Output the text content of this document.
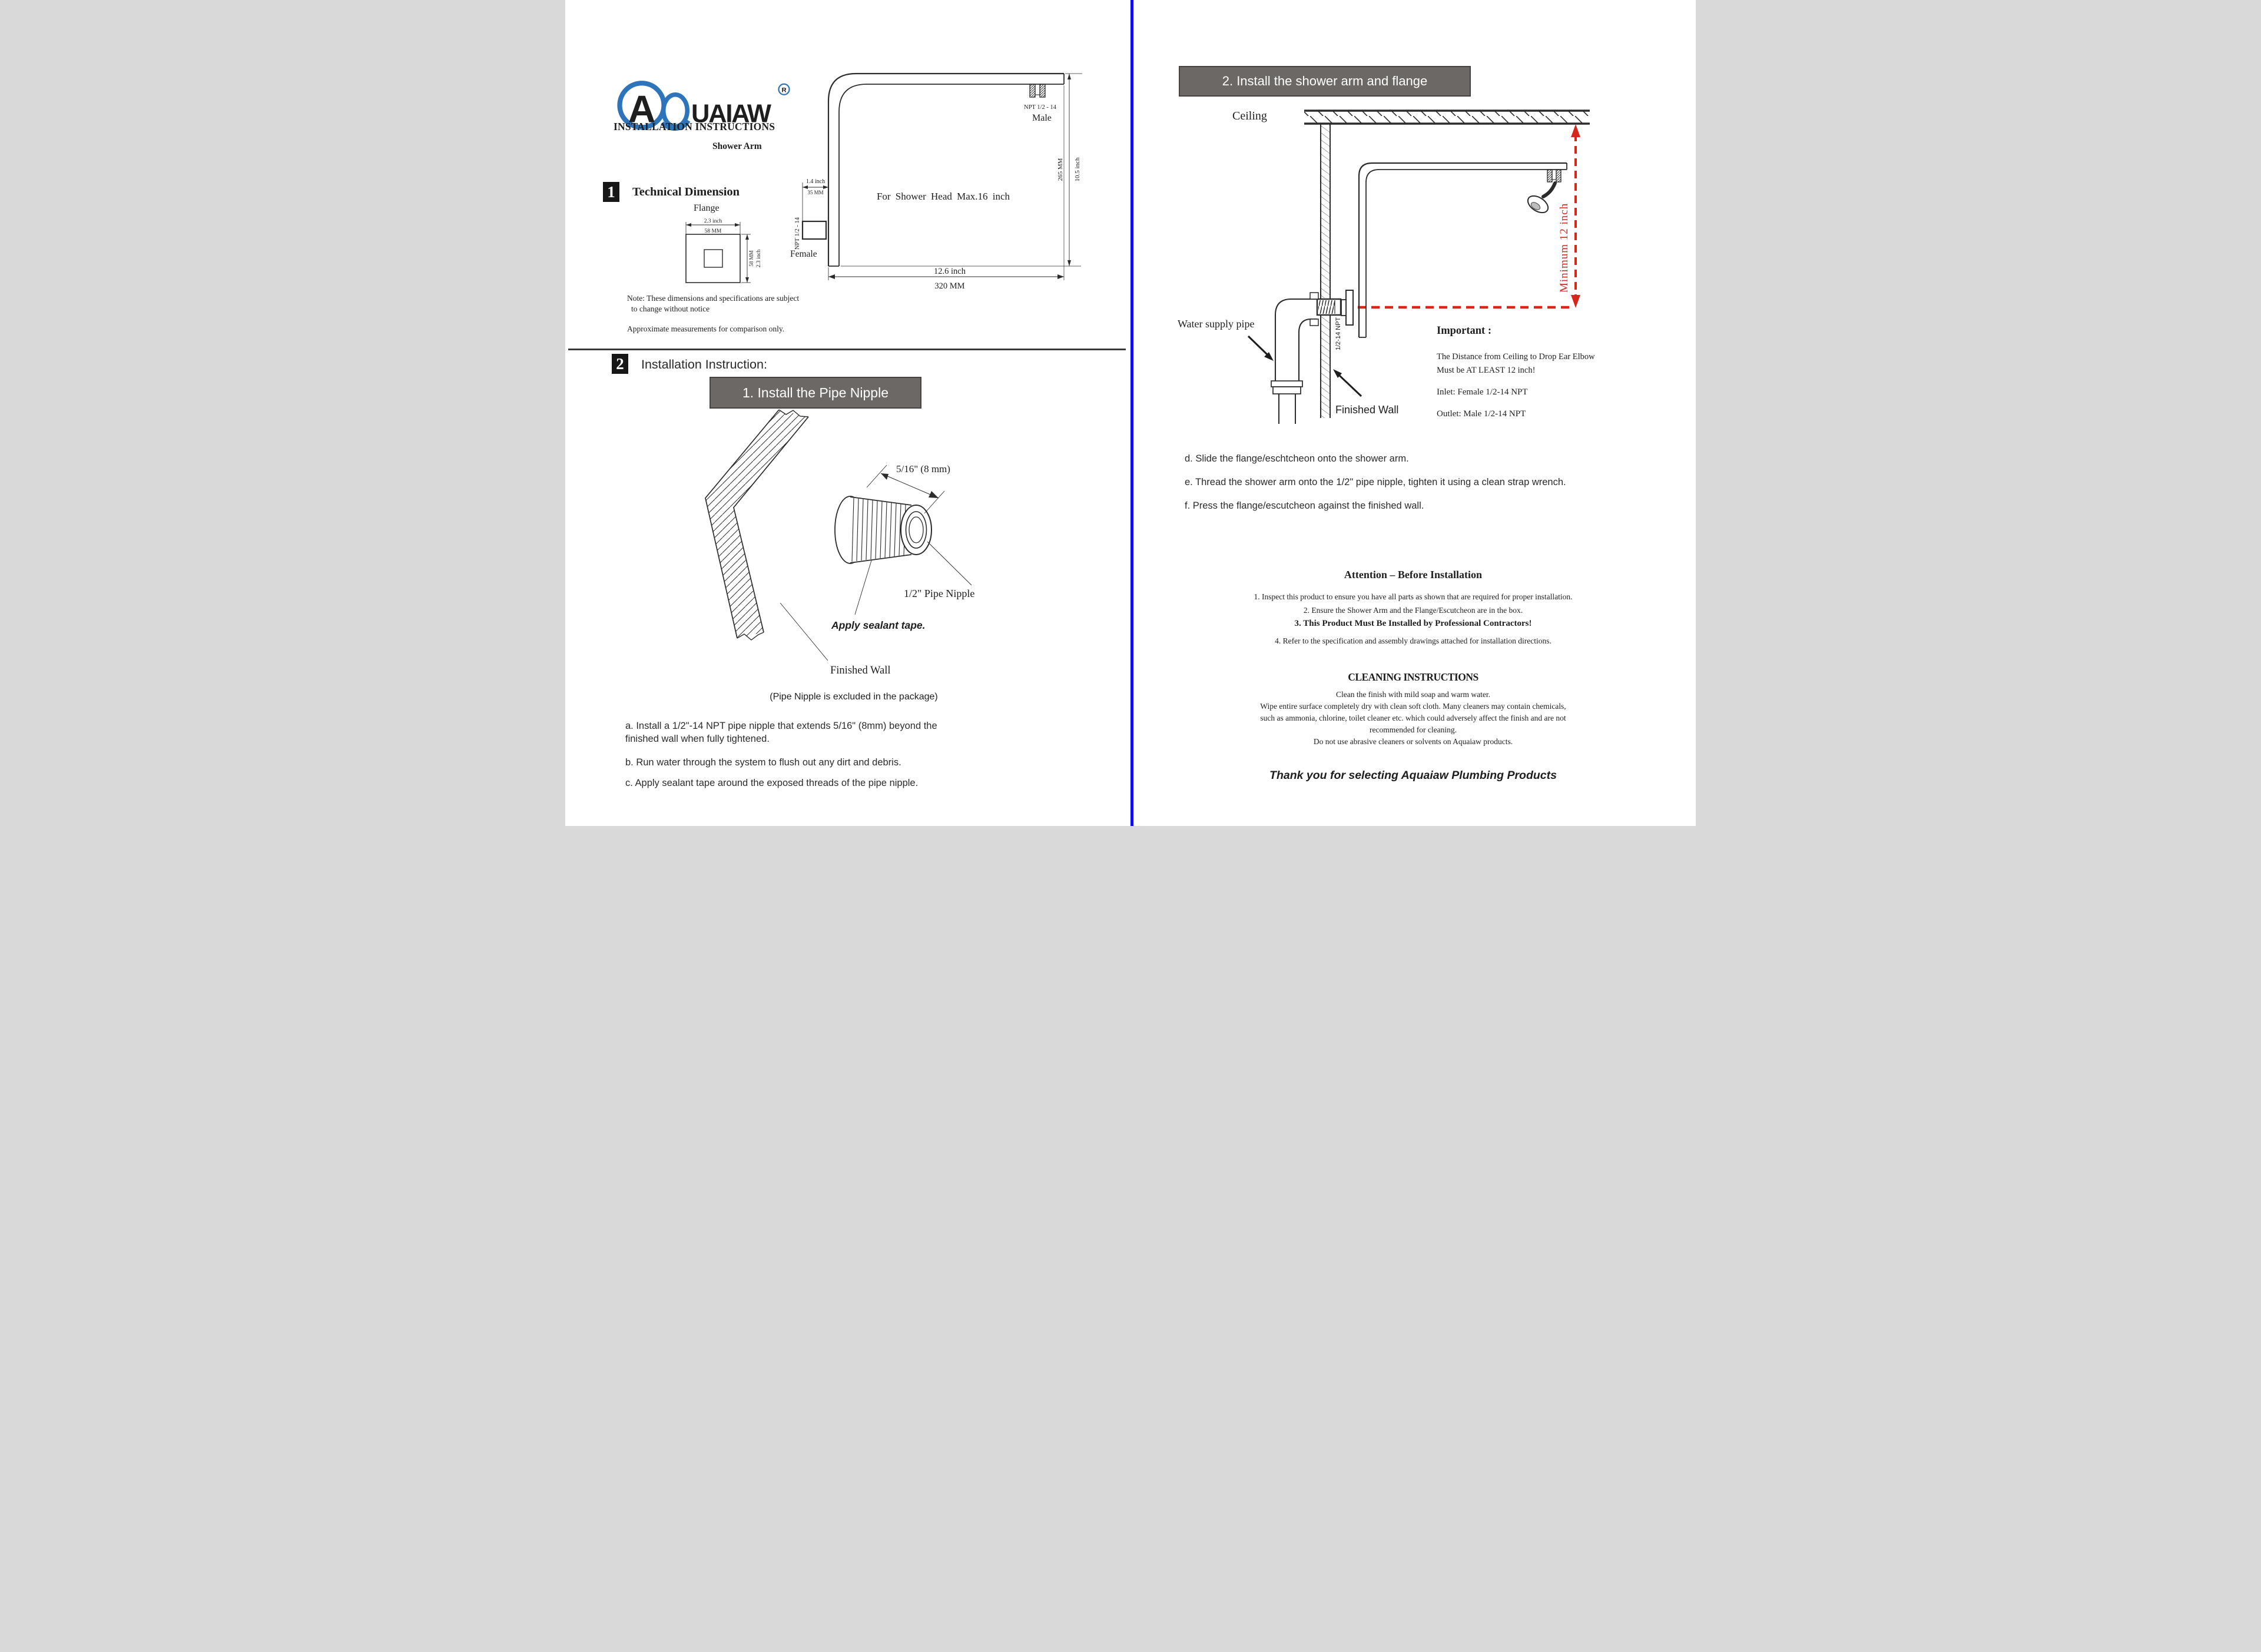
A UAIAW
R
INSTALLATION INSTRUCTIONS
Shower Arm
1	Technical Dimension
Flange
2.3 inch
58 MM
58 MM 2.3 inch
1.4 inch
35 MM
12.6 inch
320 MM
265 MM 10.5 inch
NPT 1/2 - 14
Male
For Shower Head Max.16 inch
NPT 1/2 - 14
Female
Note: These dimensions and specifications are subject
to change without notice
Approximate measurements for comparison only.
2	Installation Instruction:
1. Install the Pipe Nipple
5/16" (8 mm)
1/2" Pipe Nipple
Apply sealant tape.
Finished Wall
(Pipe Nipple is excluded in the package)
a. Install a 1/2"-14 NPT pipe nipple that extends 5/16" (8mm) beyond the finished wall when fully tightened.
b. Run water through the system to flush out any dirt and debris.
c. Apply sealant tape around the exposed threads of the pipe nipple.
2. Install the shower arm and flange
Ceiling
Minimum 12 inch
1/2-14 NPT
Water supply pipe
Finished Wall
Important :
The Distance from Ceiling to Drop Ear Elbow
Must be AT LEAST 12 inch!
Inlet: Female 1/2-14 NPT
Outlet: Male 1/2-14 NPT
d. Slide the flange/eschtcheon onto the shower arm.
e. Thread the shower arm onto the 1/2" pipe nipple, tighten it using a clean strap wrench.
f. Press the flange/escutcheon against the finished wall.
Attention – Before Installation
1. Inspect this product to ensure you have all parts as shown that are required for proper installation.
2. Ensure the Shower Arm and the Flange/Escutcheon are in the box.
3. This Product Must Be Installed by Professional Contractors!
4. Refer to the specification and assembly drawings attached for installation directions.
CLEANING INSTRUCTIONS
Clean the finish with mild soap and warm water.
Wipe entire surface completely dry with clean soft cloth. Many cleaners may contain chemicals,
such as ammonia, chlorine, toilet cleaner etc. which could adversely affect the finish and are not
recommended for cleaning.
Do not use abrasive cleaners or solvents on Aquaiaw products.
Thank you for selecting Aquaiaw Plumbing Products
